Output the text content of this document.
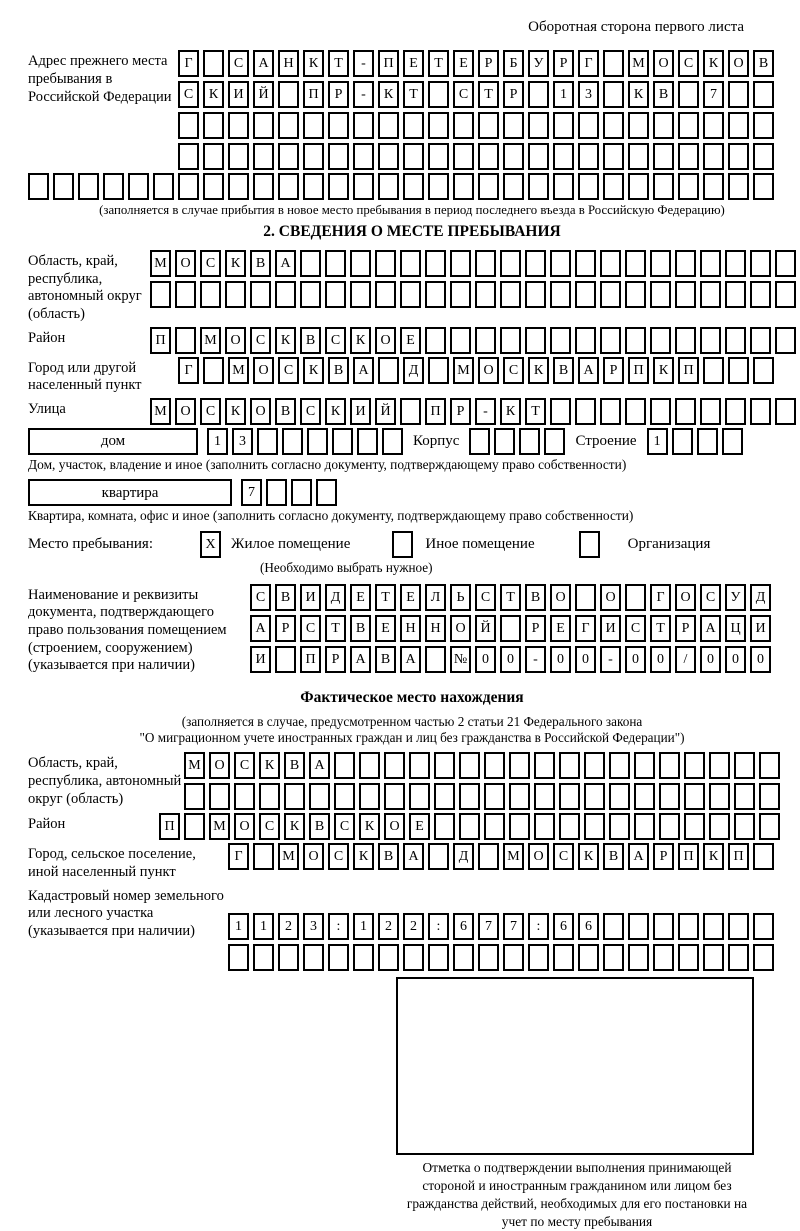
Оборотная сторона первого листа
Адрес прежнего места пребывания в Российской Федерации
Г	С	А	Н	К	Т	-	П	Е	Т	Е	Р	Б	У	Р	Г	М О	С	К	О	В
С	К	И	Й	П	Р	-	К	Т	С	Т	Р	1	3	К	В	7
(заполняется в случае прибытия в новое место пребывания в период последнего въезда в Российскую Федерацию)
2. СВЕДЕНИЯ О МЕСТЕ ПРЕБЫВАНИЯ
Область, край, республика, автономный округ (область)
М О	С	К	В	А
Район	П	М О	С	К	В	С	К	О	Е
Город или другой населенный пункт
Г	М О	С	К	В	А	Д	М О	С	К	В	А	Р	П	К	П
Улица	М О	С	К	О	В	С	К	И	Й	П	Р	-	К	Т
дом	1	3	Корпус	Строение	1
Дом, участок, владение и иное (заполнить согласно документу, подтверждающему право собственности)
квартира	7
Квартира, комната, офис и иное (заполнить согласно документу, подтверждающему право собственности)
Место пребывания:	X	Жилое помещение	Иное помещение	Организация
(Необходимо выбрать нужное)
Наименование и реквизиты документа, подтверждающего право пользования помещением (строением, сооружением) (указывается при наличии)
С	В	И	Д	Е	Т	Е	Л	Ь	С	Т	В	О	О	Г	О	С	У	Д
А	Р	С	Т	В	Е	Н	Н	О	Й	Р	Е	Г	И	С	Т	Р	А	Ц	И
И	П	Р	А	В	А	№	0	0	-	0	0	-	0	0	/	0	0	0
Фактическое место нахождения
(заполняется в случае, предусмотренном частью 2 статьи 21 Федерального закона
"О миграционном учете иностранных граждан и лиц без гражданства в Российской Федерации")
Область, край, республика, автономный округ (область)
М О	С	К	В	А
Район	П	М О	С	К	В	С	К	О	Е
Город, сельское поселение, иной населенный пункт
Г	М О	С	К	В	А	Д	М О	С	К	В	А	Р	П	К	П
Кадастровый номер земельного или лесного участка (указывается при наличии)	1	1	2	3	:	1	2	2	:	6	7	7	:	6	6
Отметка о подтверждении выполнения принимающей стороной и иностранным гражданином или лицом без гражданства действий, необходимых для его постановки на учет по месту пребывания
